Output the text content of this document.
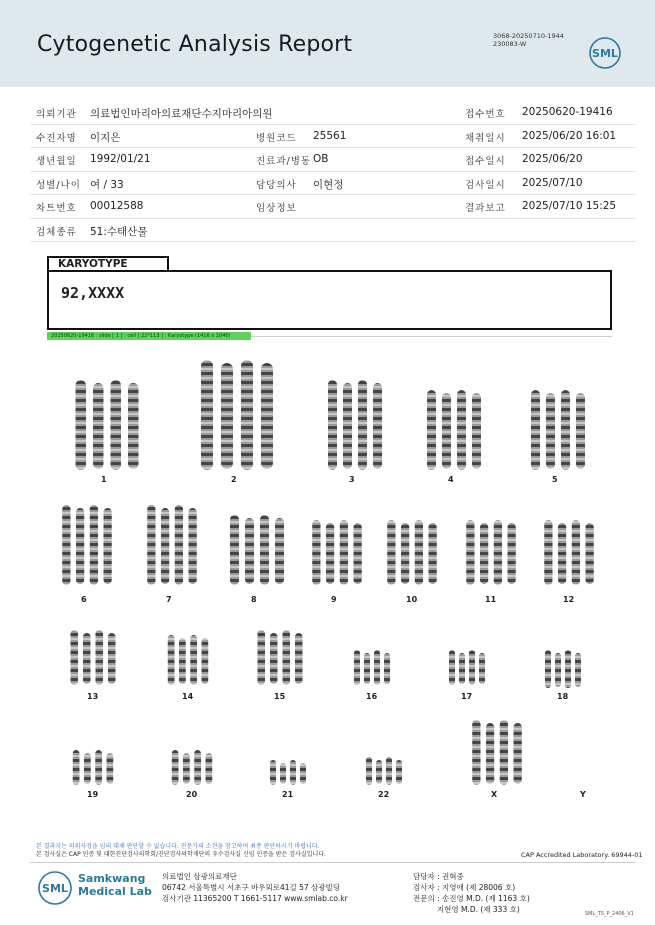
Cytogenetic Analysis Report	3068-20250710-1944
230083-W
SML
의뢰기관 의료법인마리아의료재단수지마리아의원	접수번호 20250620-19416
수진자명 이지은	병원코드 25561	채취일시 2025/06/20 16:01
생년월일 1992/01/21	진료과/병동 OB	접수일시 2025/06/20
성별/나이 여 / 33	담당의사 이현정	검사일시 2025/07/10
차트번호 00012588	임상정보	결과보고 2025/07/10 15:25
검체종류 51:수태산물
KARYOTYPE
92,XXXX
20250620-19416 : slide [ 1 ] : cell [ 22*113 ] : Karyotype (1416 x 1040)
1	2	3	4	5
6	7	8	9	10	11	12
13	14	15	16	17	18
19	20	21	22	X	Y
본 결과지는 의뢰자정을 임의 대체 판단할 수 없습니다. 전문가의 소견을 참고하여 최종 판단하시기 바랍니다.
본 검사실은 CAP 인증 및 대한진단검사의학회/진단검사의학재단의 우수검사실 신임 인증을 받은 검사실입니다.	CAP Accredited Laboratory. 69944-01
SML
Samkwang
Medical Lab
의료법인 삼광의료재단
06742 서울특별시 서초구 바우뫼로41길 57 삼광빌딩
검사기관 11365200 T 1661-5117 www.smlab.co.kr
담당자 : 권혁중
검사자 : 지영애 (제 28006 호)
전문의 : 송진영 M.D. (제 1163 호)
지현영 M.D. (제 333 호)	SML_TS_P_2406_V1
